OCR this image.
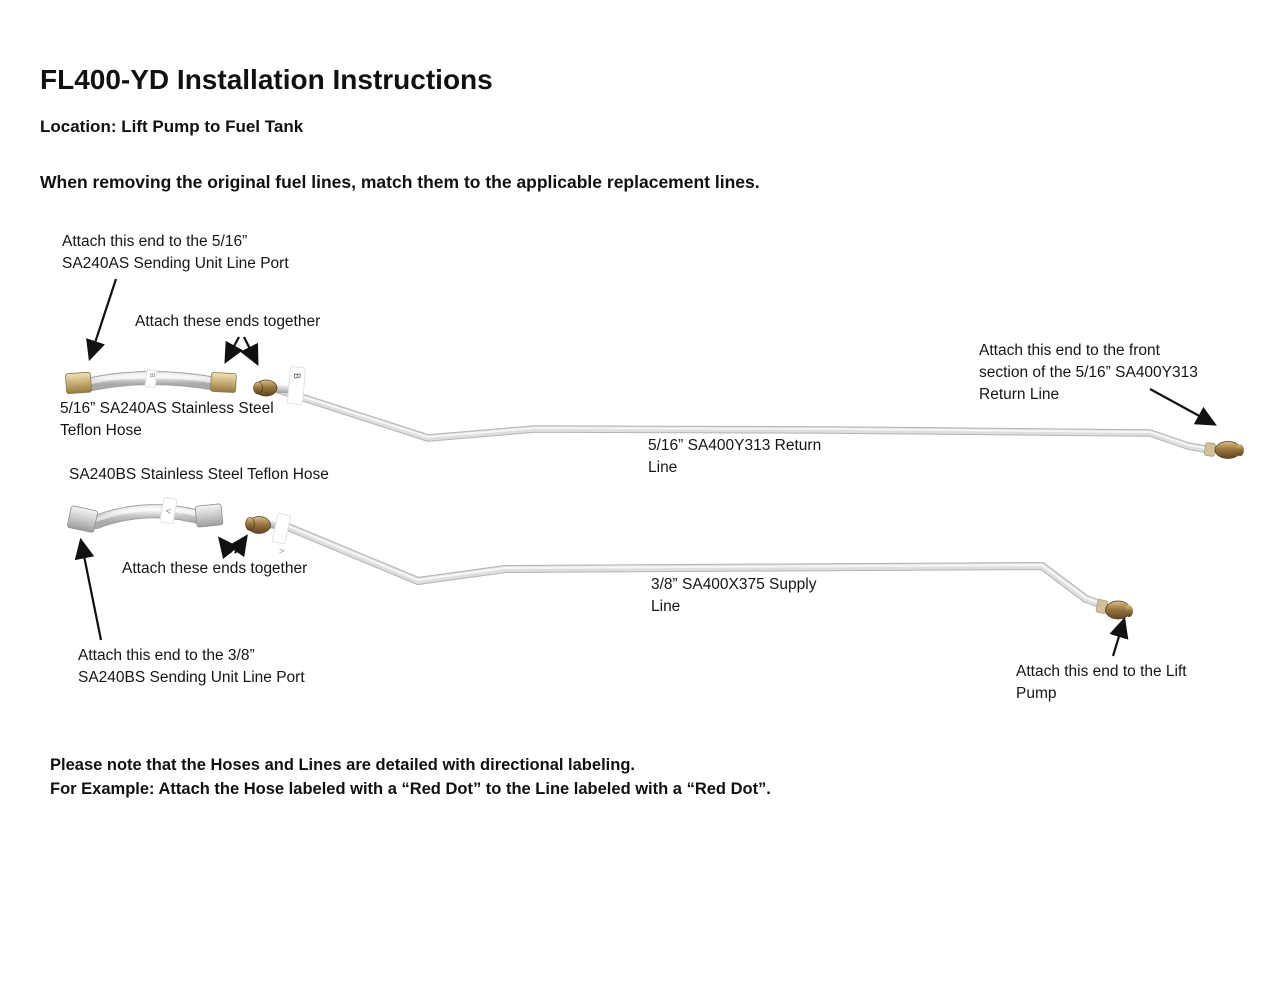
FL400-YD Installation Instructions
Location: Lift Pump to Fuel Tank
When removing the original fuel lines, match them to the applicable replacement lines.
B
>
B
<
Attach this end to the 5/16”
SA240AS Sending Unit Line Port
Attach these ends together
5/16” SA240AS Stainless Steel
Teflon Hose
5/16” SA400Y313 Return
Line
Attach this end to the front
section of the 5/16” SA400Y313
Return Line
SA240BS Stainless Steel Teflon Hose
Attach these ends together
3/8” SA400X375 Supply
Line
Attach this end to the 3/8”
SA240BS Sending Unit Line Port	Attach this end to the Lift
Pump
Please note that the Hoses and Lines are detailed with directional labeling.
For Example: Attach the Hose labeled with a “Red Dot” to the Line labeled with a “Red Dot”.
